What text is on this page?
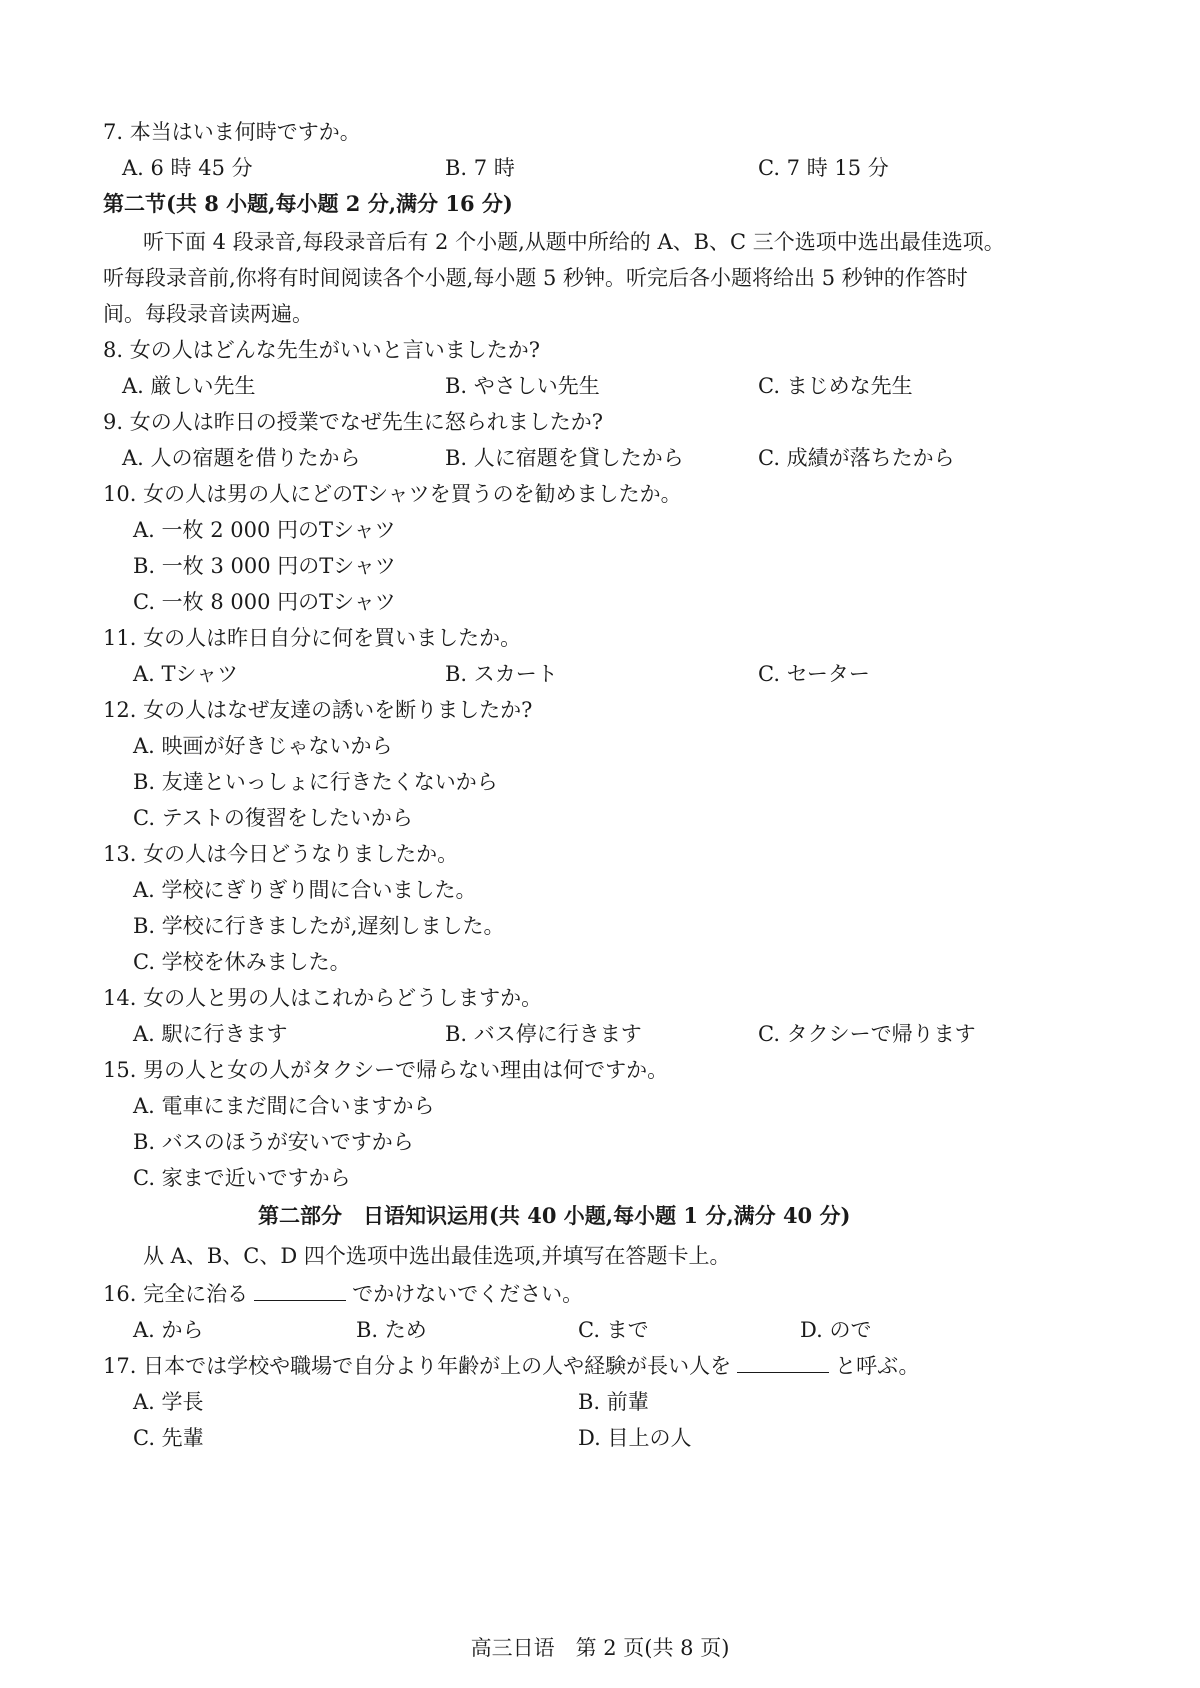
7. 本当はいま何時ですか。
A. 6 時 45 分	B. 7 時	C. 7 時 15 分
第二节(共 8 小题,每小题 2 分,满分 16 分)
听下面 4 段录音,每段录音后有 2 个小题,从题中所给的 A、B、C 三个选项中选出最佳选项。
听每段录音前,你将有时间阅读各个小题,每小题 5 秒钟。听完后各小题将给出 5 秒钟的作答时
间。每段录音读两遍。
8. 女の人はどんな先生がいいと言いましたか?
A. 厳しい先生	B. やさしい先生	C. まじめな先生
9. 女の人は昨日の授業でなぜ先生に怒られましたか?
A. 人の宿題を借りたから	B. 人に宿題を貸したから	C. 成績が落ちたから
10. 女の人は男の人にどのTシャツを買うのを勧めましたか。
A. 一枚 2 000 円のTシャツ
B. 一枚 3 000 円のTシャツ
C. 一枚 8 000 円のTシャツ
11. 女の人は昨日自分に何を買いましたか。
A. Tシャツ	B. スカート	C. セーター
12. 女の人はなぜ友達の誘いを断りましたか?
A. 映画が好きじゃないから
B. 友達といっしょに行きたくないから
C. テストの復習をしたいから
13. 女の人は今日どうなりましたか。
A. 学校にぎりぎり間に合いました。
B. 学校に行きましたが,遅刻しました。
C. 学校を休みました。
14. 女の人と男の人はこれからどうしますか。
A. 駅に行きます	B. バス停に行きます	C. タクシーで帰ります
15. 男の人と女の人がタクシーで帰らない理由は何ですか。
A. 電車にまだ間に合いますから
B. バスのほうが安いですから
C. 家まで近いですから
第二部分　日语知识运用(共 40 小题,每小题 1 分,满分 40 分)
从 A、B、C、D 四个选项中选出最佳选项,并填写在答题卡上。
16. 完全に治る	でかけないでください。
A. から	B. ため	C. まで	D. ので
17. 日本では学校や職場で自分より年齢が上の人や経験が長い人を	と呼ぶ。
A. 学長	B. 前輩
C. 先輩	D. 目上の人
高三日语　第 2 页(共 8 页)
